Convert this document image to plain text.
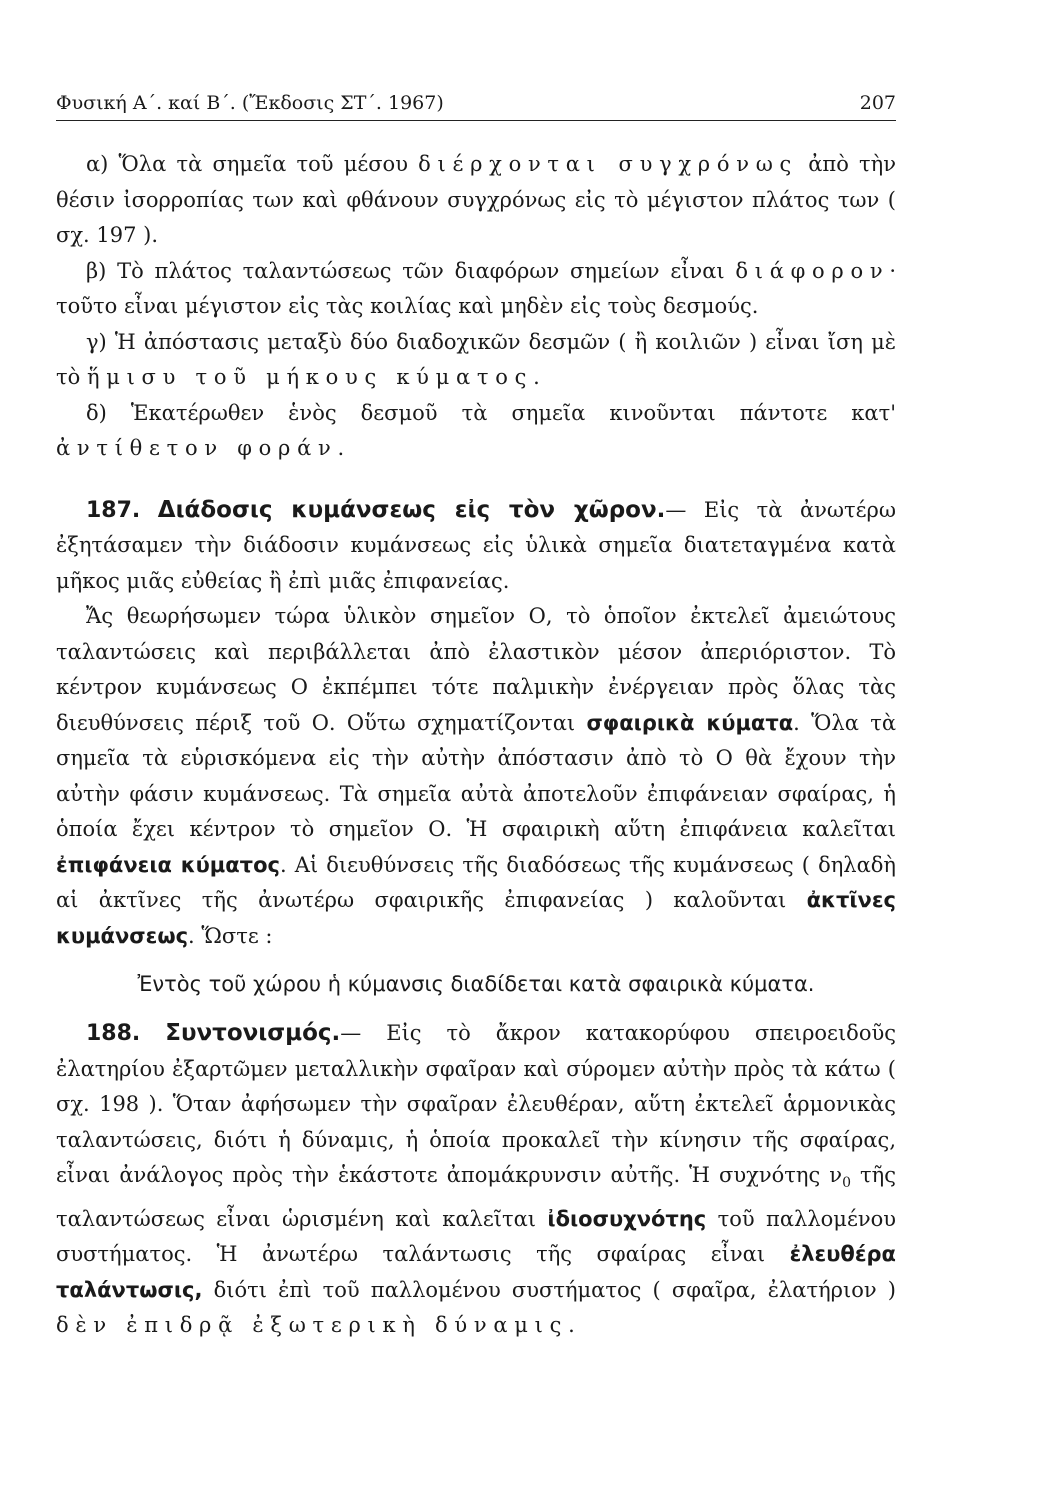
Φυσική Α΄. καί Β΄. (Ἔκδοσις ΣΤ΄. 1967)	207

α) Ὅλα τὰ σημεῖα τοῦ μέσου διέρχονται συγχρόνως ἀπὸ τὴν θέσιν ἰσορροπίας των καὶ φθάνουν συγχρόνως εἰς τὸ μέγιστον πλάτος των ( σχ. 197 ).

β) Τὸ πλάτος ταλαντώσεως τῶν διαφόρων σημείων εἶναι διάφορον· τοῦτο εἶναι μέγιστον εἰς τὰς κοιλίας καὶ μηδὲν εἰς τοὺς δεσμούς.

γ) Ἡ ἀπόστασις μεταξὺ δύο διαδοχικῶν δεσμῶν ( ἢ κοιλιῶν ) εἶναι ἴση μὲ τὸ ἥμισυ τοῦ μήκους κύματος.

δ) Ἑκατέρωθεν ἑνὸς δεσμοῦ τὰ σημεῖα κινοῦνται πάντοτε κατ' ἀντίθετον φοράν.

187. Διάδοσις κυμάνσεως εἰς τὸν χῶρον.— Εἰς τὰ ἀνωτέρω ἐξητάσαμεν τὴν διάδοσιν κυμάνσεως εἰς ὑλικὰ σημεῖα διατεταγμένα κατὰ μῆκος μιᾶς εὐθείας ἢ ἐπὶ μιᾶς ἐπιφανείας.

Ἄς θεωρήσωμεν τώρα ὑλικὸν σημεῖον Ο, τὸ ὁποῖον ἐκτελεῖ ἀμειώτους ταλαντώσεις καὶ περιβάλλεται ἀπὸ ἐλαστικὸν μέσον ἀπεριόριστον. Τὸ κέντρον κυμάνσεως Ο ἐκπέμπει τότε παλμικὴν ἐνέργειαν πρὸς ὅλας τὰς διευθύνσεις πέριξ τοῦ Ο. Οὕτω σχηματίζονται σφαιρικὰ κύματα. Ὅλα τὰ σημεῖα τὰ εὑρισκόμενα εἰς τὴν αὐτὴν ἀπόστασιν ἀπὸ τὸ Ο θὰ ἔχουν τὴν αὐτὴν φάσιν κυμάνσεως. Τὰ σημεῖα αὐτὰ ἀποτελοῦν ἐπιφάνειαν σφαίρας, ἡ ὁποία ἔχει κέντρον τὸ σημεῖον Ο. Ἡ σφαιρικὴ αὕτη ἐπιφάνεια καλεῖται ἐπιφάνεια κύματος. Αἱ διευθύνσεις τῆς διαδόσεως τῆς κυμάνσεως ( δηλαδὴ αἱ ἀκτῖνες τῆς ἀνωτέρω σφαιρικῆς ἐπιφανείας ) καλοῦνται ἀκτῖνες κυμάνσεως. Ὥστε :

Ἐντὸς τοῦ χώρου ἡ κύμανσις διαδίδεται κατὰ σφαιρικὰ κύματα.

188. Συντονισμός.— Εἰς τὸ ἄκρον κατακορύφου σπειροειδοῦς ἐλατηρίου ἐξαρτῶμεν μεταλλικὴν σφαῖραν καὶ σύρομεν αὐτὴν πρὸς τὰ κάτω ( σχ. 198 ). Ὅταν ἀφήσωμεν τὴν σφαῖραν ἐλευθέραν, αὕτη ἐκτελεῖ ἁρμονικὰς ταλαντώσεις, διότι ἡ δύναμις, ἡ ὁποία προκαλεῖ τὴν κίνησιν τῆς σφαίρας, εἶναι ἀνάλογος πρὸς τὴν ἑκάστοτε ἀπομάκρυνσιν αὐτῆς. Ἡ συχνότης $\nu_0$ τῆς ταλαντώσεως εἶναι ὡρισμένη καὶ καλεῖται ἰδιοσυχνότης τοῦ παλλομένου συστήματος. Ἡ ἀνωτέρω ταλάντωσις τῆς σφαίρας εἶναι ἐλευθέρα ταλάντωσις, διότι ἐπὶ τοῦ παλλομένου συστήματος ( σφαῖρα, ἐλατήριον ) δὲν ἐπιδρᾷ ἐξωτερικὴ δύναμις.
